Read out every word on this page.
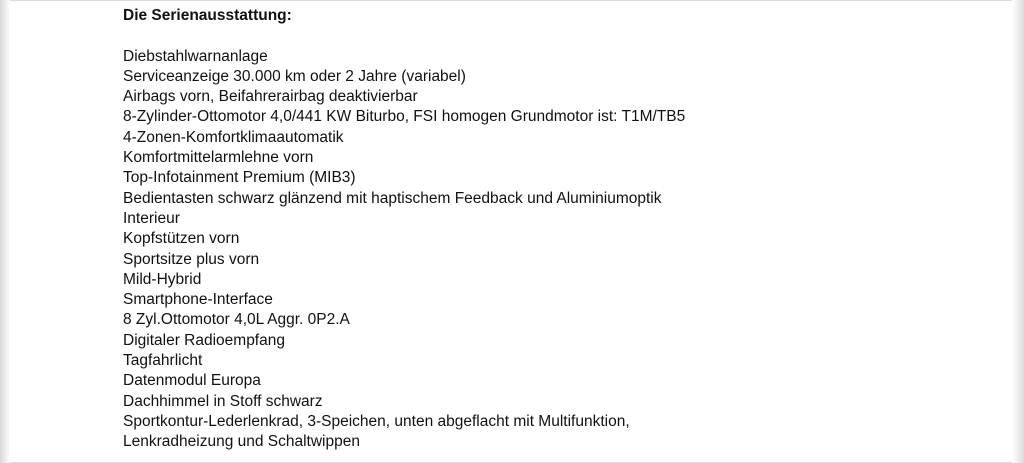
Die Serienausstattung:

Diebstahlwarnanlage
Serviceanzeige 30.000 km oder 2 Jahre (variabel)
Airbags vorn, Beifahrerairbag deaktivierbar
8-Zylinder-Ottomotor 4,0/441 KW Biturbo, FSI homogen Grundmotor ist: T1M/TB5
4-Zonen-Komfortklimaautomatik
Komfortmittelarmlehne vorn
Top-Infotainment Premium (MIB3)
Bedientasten schwarz glänzend mit haptischem Feedback und Aluminiumoptik
Interieur
Kopfstützen vorn
Sportsitze plus vorn
Mild-Hybrid
Smartphone-Interface
8 Zyl.Ottomotor 4,0L Aggr. 0P2.A
Digitaler Radioempfang
Tagfahrlicht
Datenmodul Europa
Dachhimmel in Stoff schwarz
Sportkontur-Lederlenkrad, 3-Speichen, unten abgeflacht mit Multifunktion,
Lenkradheizung und Schaltwippen
